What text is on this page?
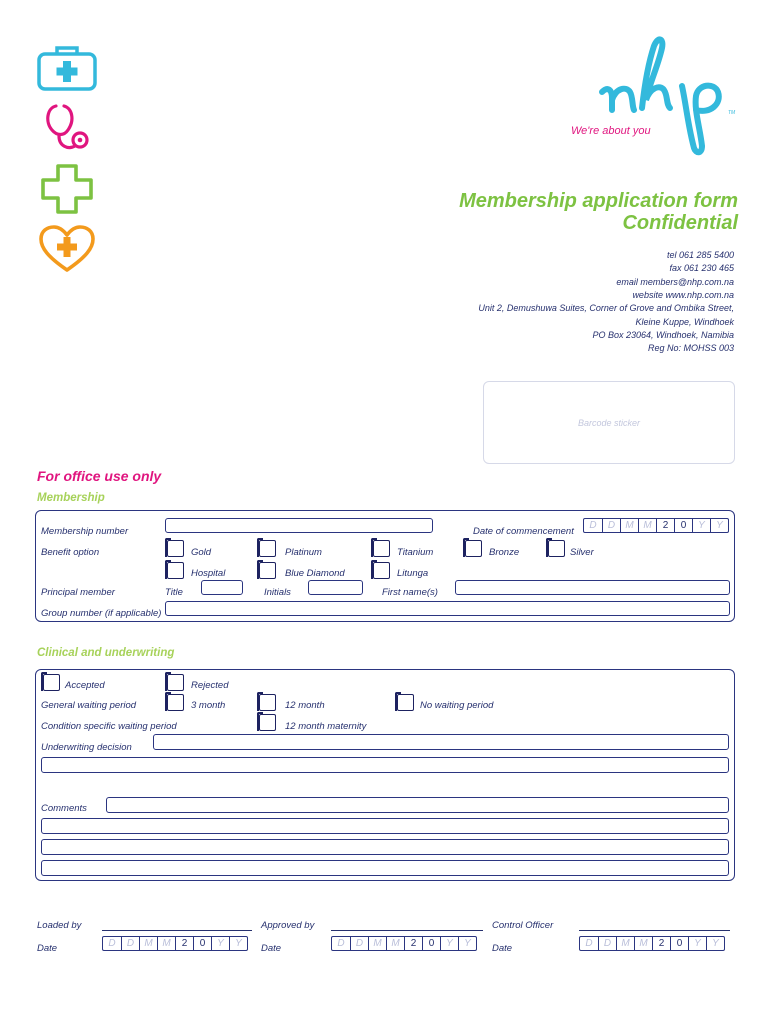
TM
We're about you
Membership application form
Confidential
tel 061 285 5400
fax 061 230 465
email members@nhp.com.na
website www.nhp.com.na
Unit 2, Demushuwa Suites, Corner of Grove and Ombika Street,
Kleine Kuppe, Windhoek
PO Box 23064, Windhoek, Namibia
Reg No: MOHSS 003
Barcode sticker
For office use only
Membership
Membership number	Date of commencement
D	D	M M	2	0	Y	Y
Benefit option	Gold	Platinum	Titanium	Bronze	Silver
Hospital	Blue Diamond	Litunga
Principal member	Title	Initials	First name(s)
Group number (if applicable)
Clinical and underwriting
Accepted	Rejected
General waiting period	3 month	12 month	No waiting period
Condition specific waiting period	12 month maternity
Underwriting decision
Comments
Loaded by	Approved by	Control Officer
Date	D	D	M M	2	0	Y	Y	Date	D	D	M M	2	0	Y	Y	Date	D	D	M M	2	0	Y	Y
